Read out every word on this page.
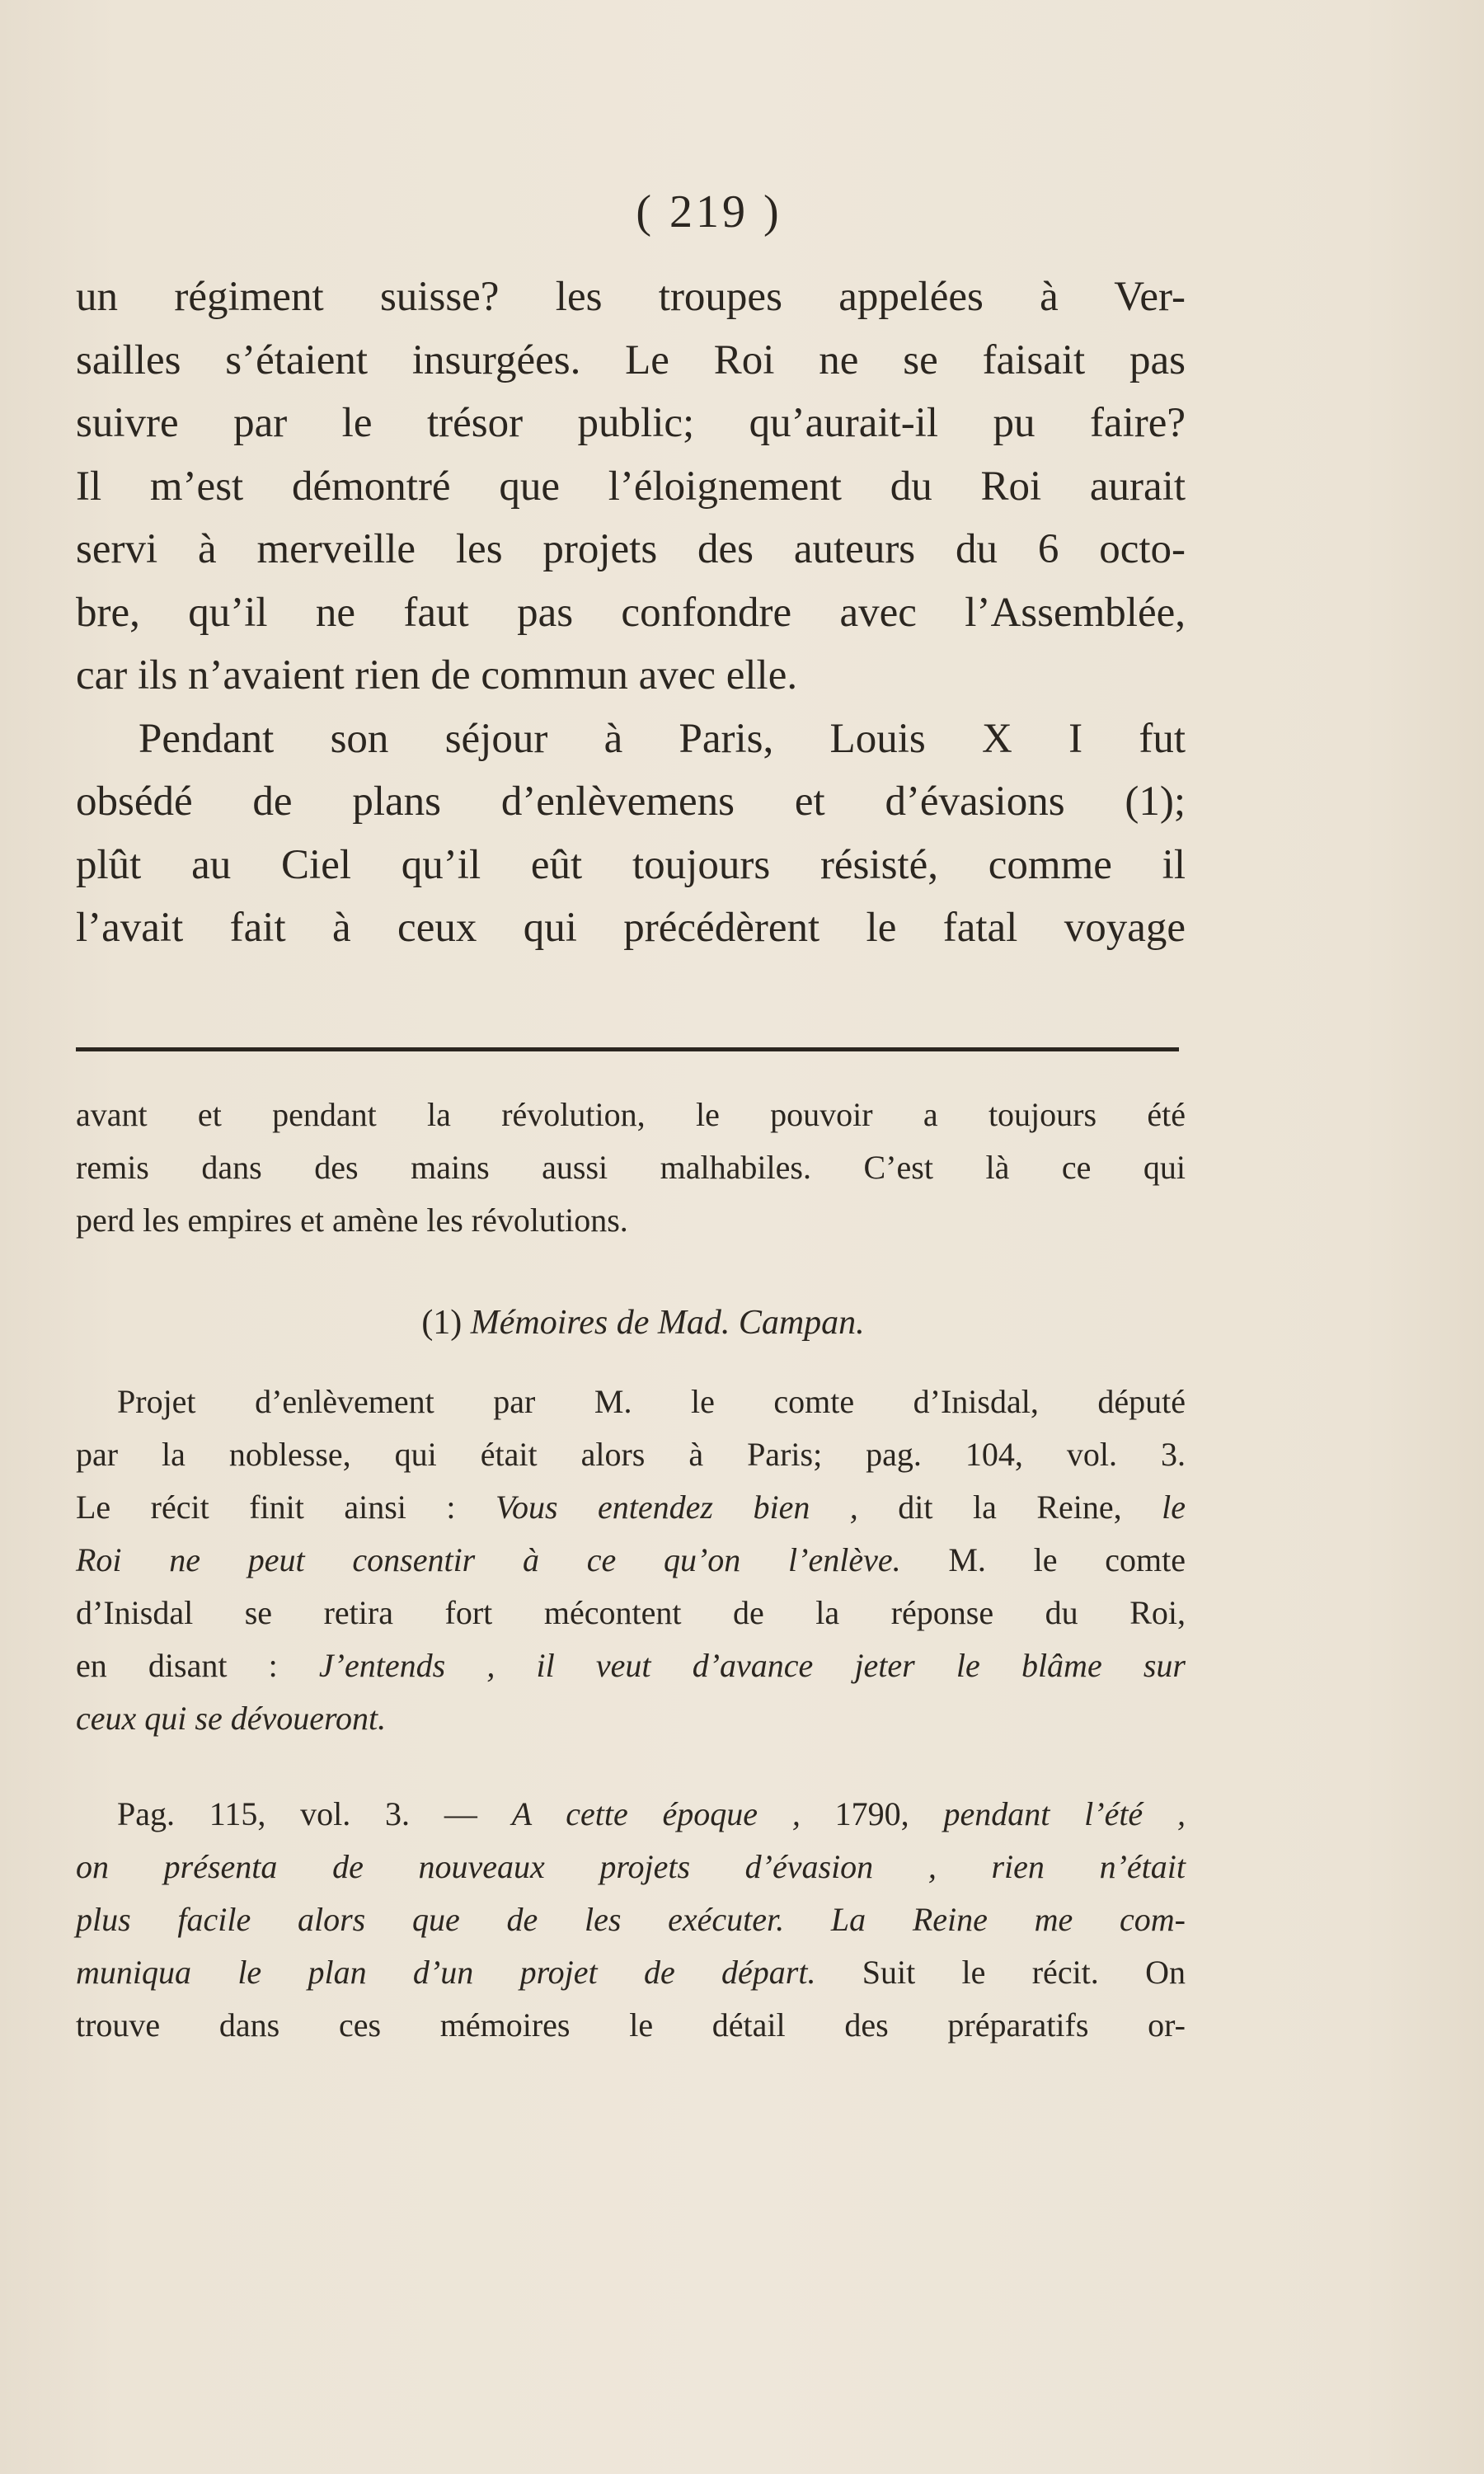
( 219 )
un régiment suisse? les troupes appelées à Ver-
sailles s’étaient insurgées. Le Roi ne se faisait pas
suivre par le trésor public; qu’aurait-il pu faire?
Il m’est démontré que l’éloignement du Roi aurait
servi à merveille les projets des auteurs du 6 octo-
bre, qu’il ne faut pas confondre avec l’Assemblée,
car ils n’avaient rien de commun avec elle.
Pendant son séjour à Paris, Louis X I fut
obsédé de plans d’enlèvemens et d’évasions (1);
plût au Ciel qu’il eût toujours résisté, comme il
l’avait fait à ceux qui précédèrent le fatal voyage
avant et pendant la révolution, le pouvoir a toujours été
remis dans des mains aussi malhabiles. C’est là ce qui
perd les empires et amène les révolutions.
(1) Mémoires de Mad. Campan.
Projet d’enlèvement par M. le comte d’Inisdal, député
par la noblesse, qui était alors à Paris; pag. 104, vol. 3.
Le récit finit ainsi : Vous entendez bien , dit la Reine, le
Roi ne peut consentir à ce qu’on l’enlève. M. le comte
d’Inisdal se retira fort mécontent de la réponse du Roi,
en disant : J’entends , il veut d’avance jeter le blâme sur
ceux qui se dévoueront.
Pag. 115, vol. 3. — A cette époque , 1790, pendant l’été ,
on présenta de nouveaux projets d’évasion , rien n’était
plus facile alors que de les exécuter. La Reine me com-
muniqua le plan d’un projet de départ. Suit le récit. On
trouve dans ces mémoires le détail des préparatifs or-
